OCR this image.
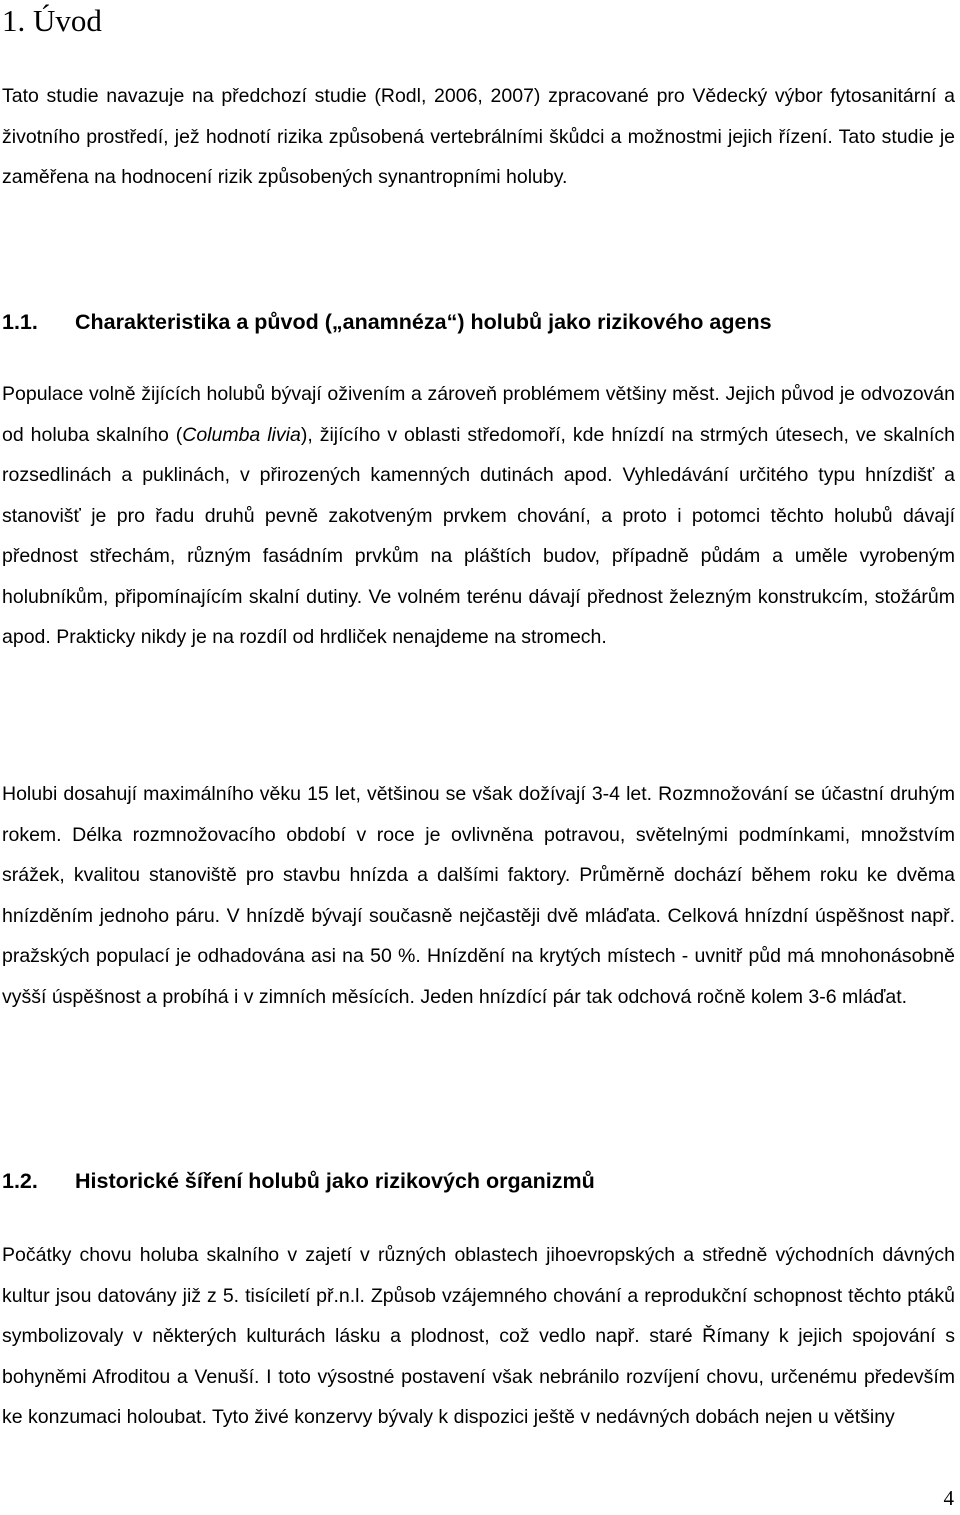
1. Úvod

Tato studie navazuje na předchozí studie (Rodl, 2006, 2007) zpracované pro Vědecký výbor fytosanitární a životního prostředí, jež hodnotí rizika způsobená vertebrálními škůdci a možnostmi jejich řízení. Tato studie je zaměřena na hodnocení rizik způsobených synantropními holuby.

1.1. Charakteristika a původ („anamnéza“) holubů jako rizikového agens

Populace volně žijících holubů bývají oživením a zároveň problémem většiny měst. Jejich původ je odvozován od holuba skalního (Columba livia), žijícího v oblasti středomoří, kde hnízdí na strmých útesech, ve skalních rozsedlinách a puklinách, v přirozených kamenných dutinách apod. Vyhledávání určitého typu hnízdišť a stanovišť je pro řadu druhů pevně zakotveným prvkem chování, a proto i potomci těchto holubů dávají přednost střechám, různým fasádním prvkům na pláštích budov, případně půdám a uměle vyrobeným holubníkům, připomínajícím skalní dutiny. Ve volném terénu dávají přednost železným konstrukcím, stožárům apod. Prakticky nikdy je na rozdíl od hrdliček nenajdeme na stromech.

Holubi dosahují maximálního věku 15 let, většinou se však dožívají 3-4 let. Rozmnožování se účastní druhým rokem. Délka rozmnožovacího období v roce je ovlivněna potravou, světelnými podmínkami, množstvím srážek, kvalitou stanoviště pro stavbu hnízda a dalšími faktory. Průměrně dochází během roku ke dvěma hnízděním jednoho páru. V hnízdě bývají současně nejčastěji dvě mláďata. Celková hnízdní úspěšnost např. pražských populací je odhadována asi na 50 %. Hnízdění na krytých místech - uvnitř půd má mnohonásobně vyšší úspěšnost a probíhá i v zimních měsících. Jeden hnízdící pár tak odchová ročně kolem 3-6 mláďat.

1.2. Historické šíření holubů jako rizikových organizmů

Počátky chovu holuba skalního v zajetí v různých oblastech jihoevropských a středně východních dávných kultur jsou datovány již z 5. tisíciletí př.n.l. Způsob vzájemného chování a reprodukční schopnost těchto ptáků symbolizovaly v některých kulturách lásku a plodnost, což vedlo např. staré Římany k jejich spojování s bohyněmi Afroditou a Venuší. I toto výsostné postavení však nebránilo rozvíjení chovu, určenému především ke konzumaci holoubat. Tyto živé konzervy bývaly k dispozici ještě v nedávných dobách nejen u většiny

4
